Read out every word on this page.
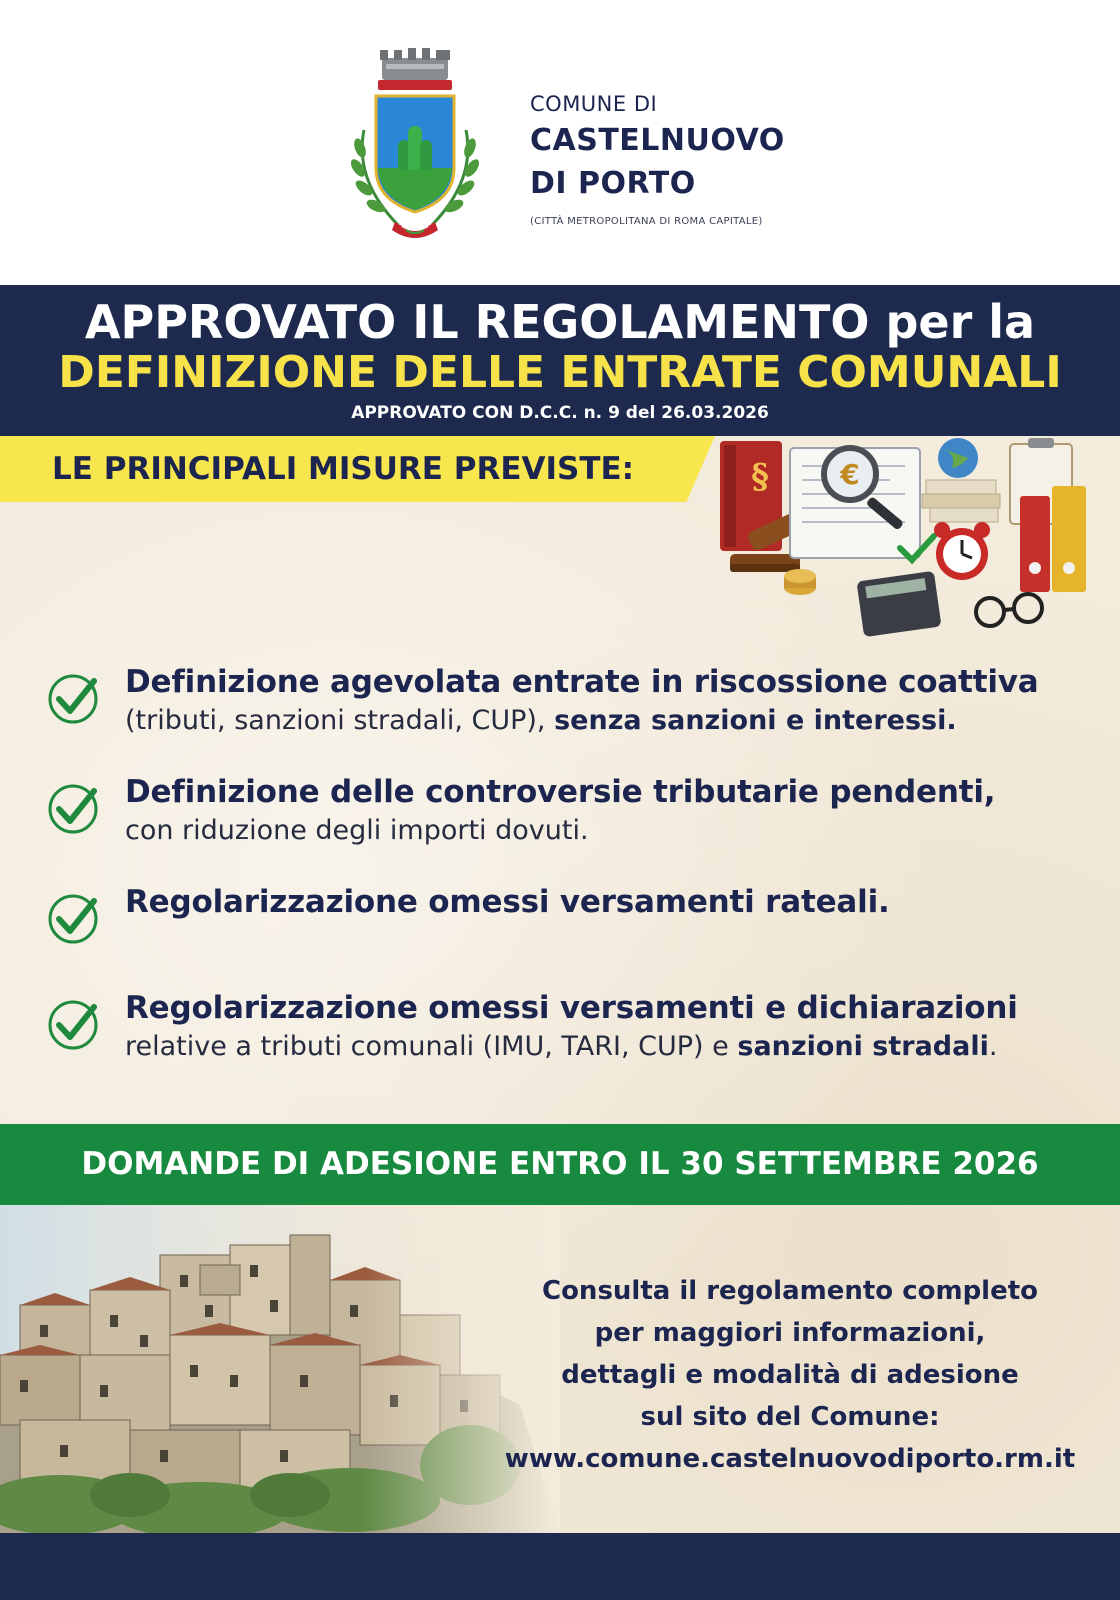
COMUNE DI
CASTELNUOVO
DI PORTO
(CITTÀ METROPOLITANA DI ROMA CAPITALE)
APPROVATO IL REGOLAMENTO per la
DEFINIZIONE DELLE ENTRATE COMUNALI
APPROVATO CON D.C.C. n. 9 del 26.03.2026
LE PRINCIPALI MISURE PREVISTE:	§	€
Definizione agevolata entrate in riscossione coattiva
(tributi, sanzioni stradali, CUP), senza sanzioni e interessi.
Definizione delle controversie tributarie pendenti,
con riduzione degli importi dovuti.
Regolarizzazione omessi versamenti rateali.
Regolarizzazione omessi versamenti e dichiarazioni
relative a tributi comunali (IMU, TARI, CUP) e sanzioni stradali.
DOMANDE DI ADESIONE ENTRO IL 30 SETTEMBRE 2026
Consulta il regolamento completo
per maggiori informazioni,
dettagli e modalità di adesione
sul sito del Comune:
www.comune.castelnuovodiporto.rm.it
